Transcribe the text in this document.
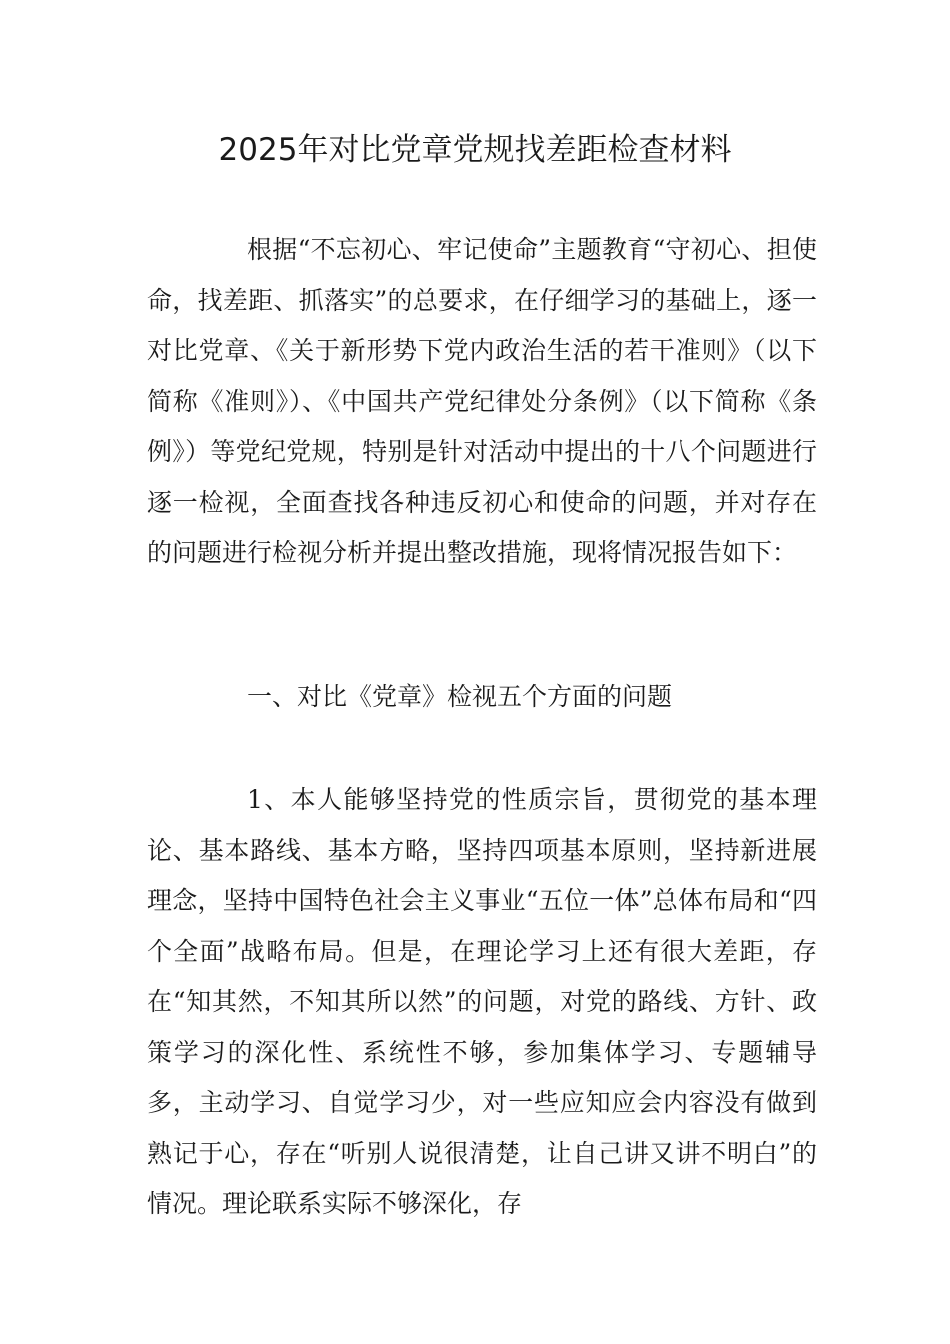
2025年对比党章党规找差距检查材料

根据“不忘初心、牢记使命”主题教育“守初心、担使命，找差距、抓落实”的总要求，在仔细学习的基础上，逐一对比党章、《关于新形势下党内政治生活的若干准则》（以下简称《准则》）、《中国共产党纪律处分条例》（以下简称《条例》）等党纪党规，特别是针对活动中提出的十八个问题进行逐一检视，全面查找各种违反初心和使命的问题，并对存在的问题进行检视分析并提出整改措施，现将情况报告如下：

一、对比《党章》检视五个方面的问题

1、本人能够坚持党的性质宗旨，贯彻党的基本理论、基本路线、基本方略，坚持四项基本原则，坚持新进展理念，坚持中国特色社会主义事业“五位一体”总体布局和“四个全面”战略布局。但是，在理论学习上还有很大差距，存在“知其然，不知其所以然”的问题，对党的路线、方针、政策学习的深化性、系统性不够，参加集体学习、专题辅导多，主动学习、自觉学习少，对一些应知应会内容没有做到熟记于心，存在“听别人说很清楚，让自己讲又讲不明白”的情况。理论联系实际不够深化，存
